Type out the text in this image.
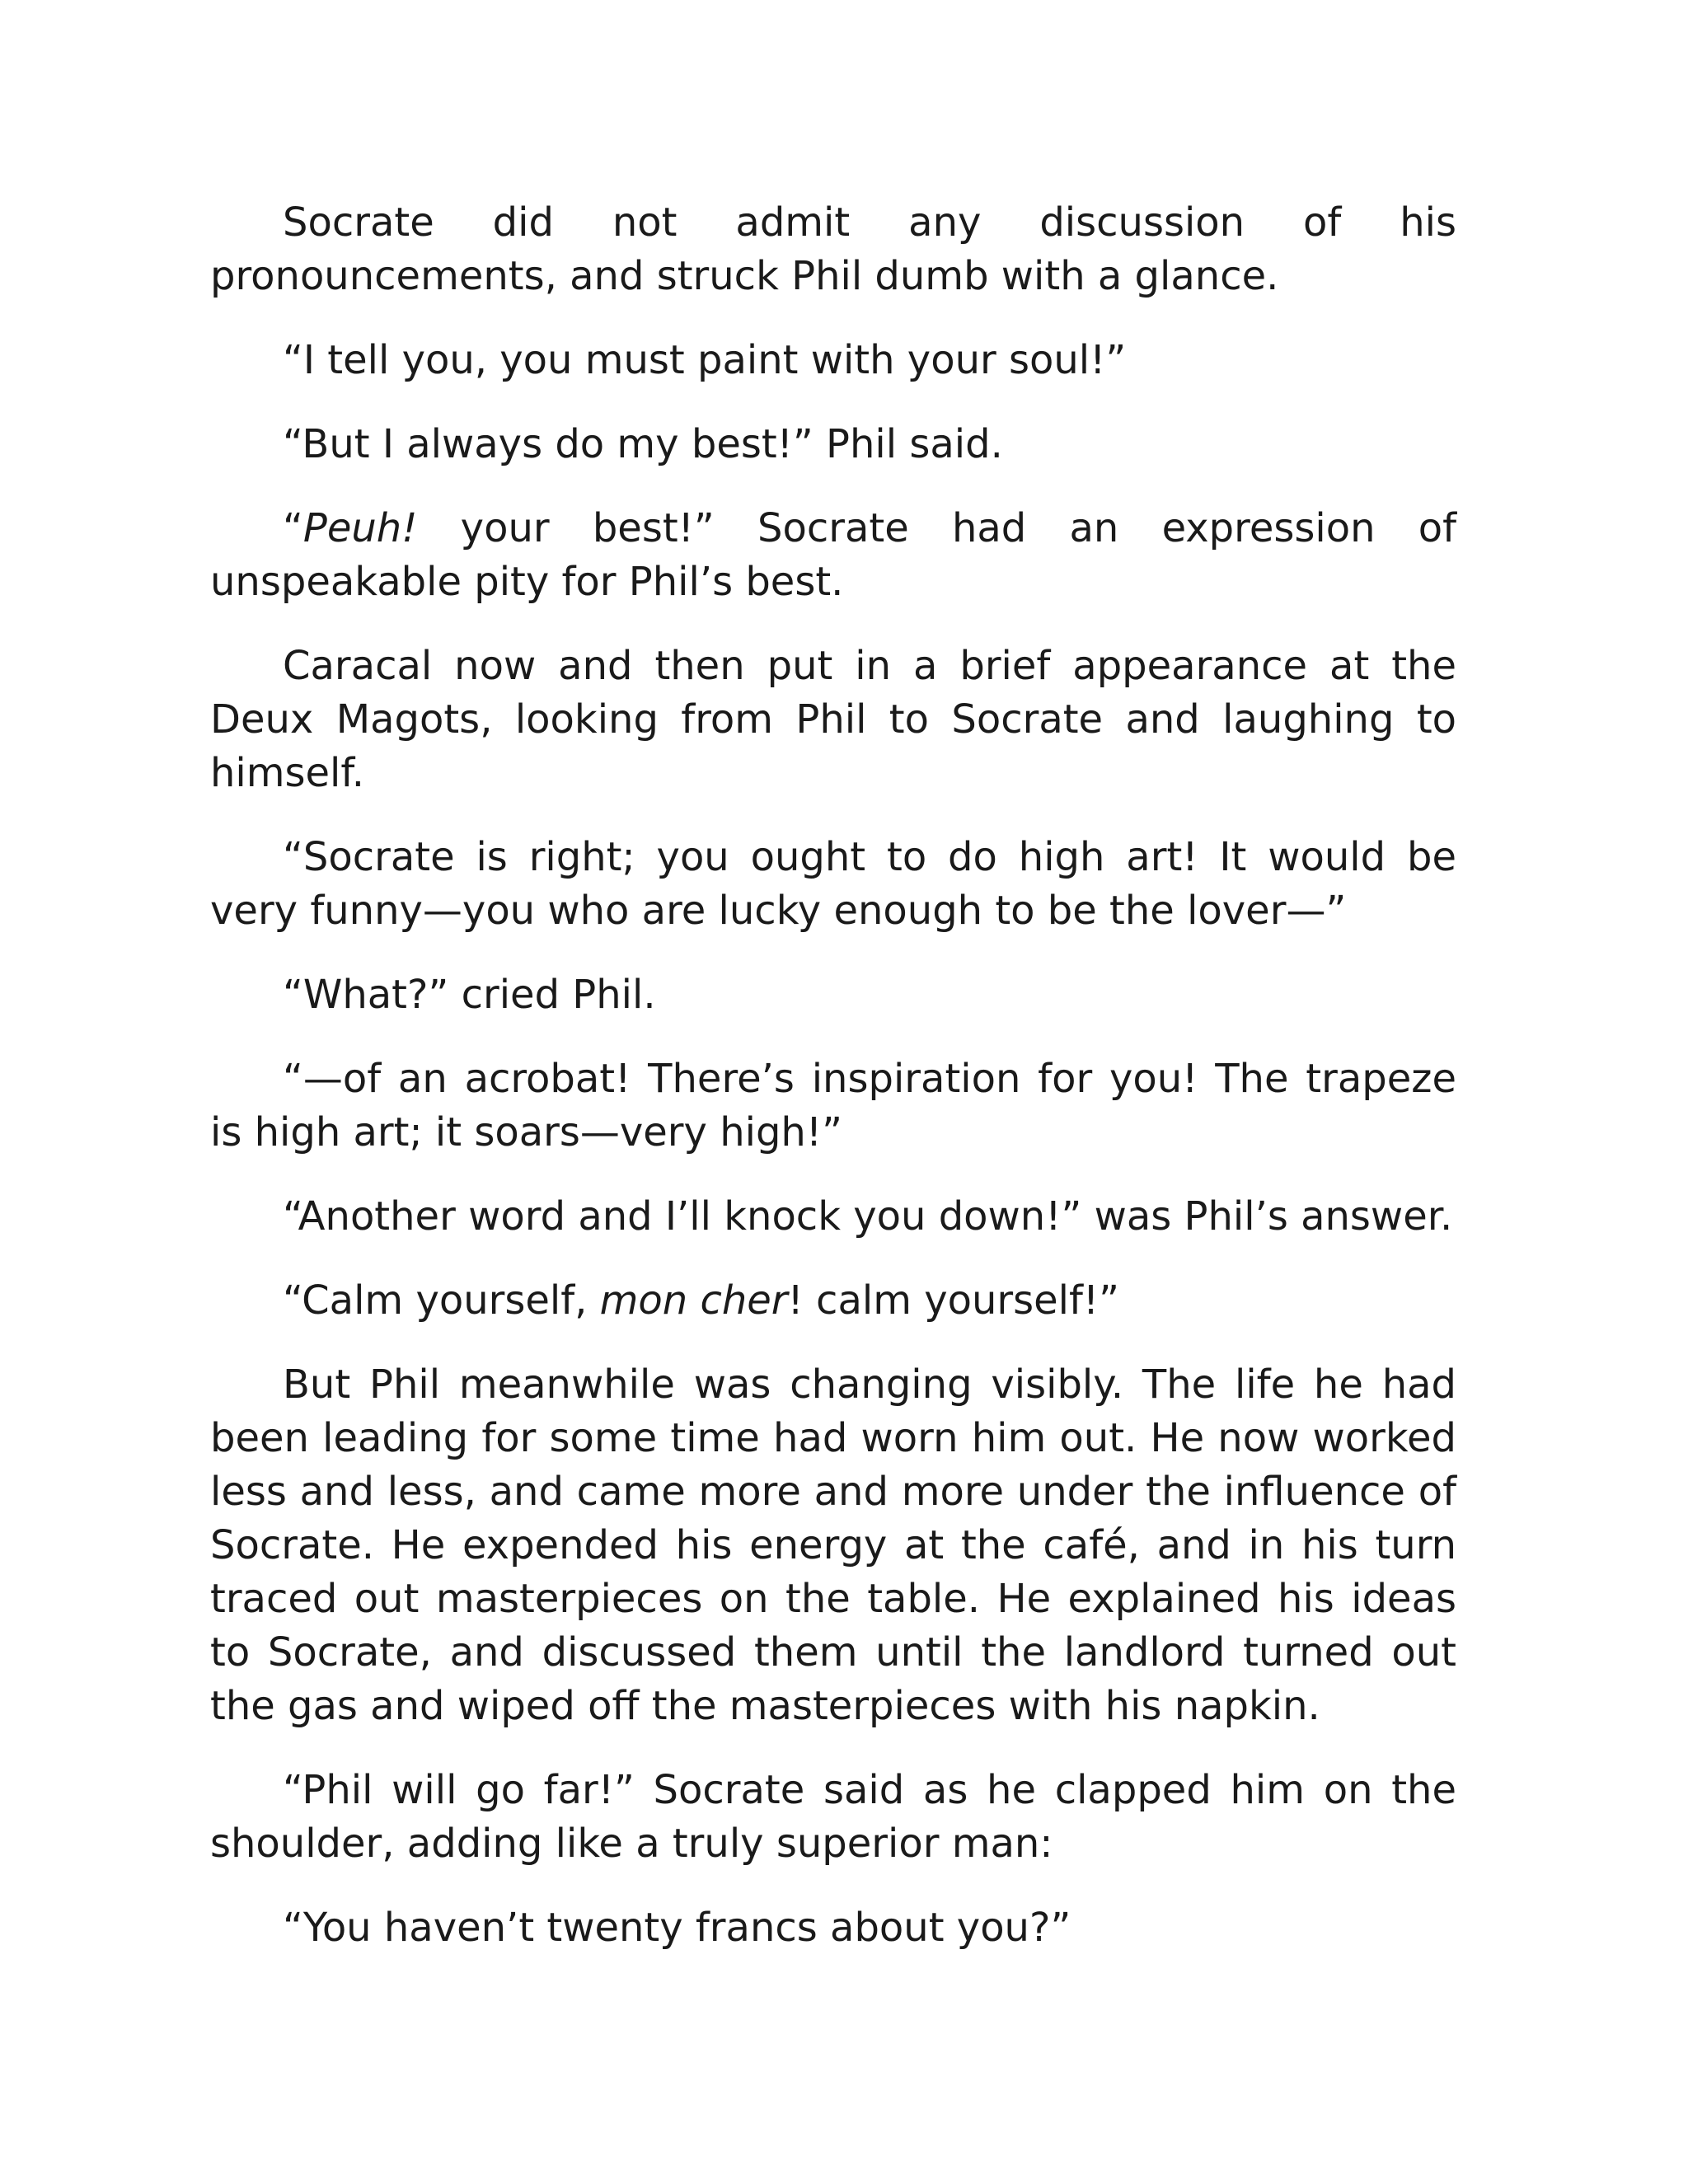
Socrate did not admit any discussion of his pronouncements, and struck Phil dumb with a glance.

“I tell you, you must paint with your soul!”

“But I always do my best!” Phil said.

“Peuh! your best!” Socrate had an expression of unspeakable pity for Phil’s best.

Caracal now and then put in a brief appearance at the Deux Magots, looking from Phil to Socrate and laughing to himself.

“Socrate is right; you ought to do high art! It would be very funny—you who are lucky enough to be the lover—”

“What?” cried Phil.

“—of an acrobat! There’s inspiration for you! The trapeze is high art; it soars—very high!”

“Another word and I’ll knock you down!” was Phil’s answer.

“Calm yourself, mon cher! calm yourself!”

But Phil meanwhile was changing visibly. The life he had been leading for some time had worn him out. He now worked less and less, and came more and more under the influence of Socrate. He expended his energy at the café, and in his turn traced out masterpieces on the table. He explained his ideas to Socrate, and discussed them until the landlord turned out the gas and wiped off the masterpieces with his napkin.

“Phil will go far!” Socrate said as he clapped him on the shoulder, adding like a truly superior man:

“You haven’t twenty francs about you?”
